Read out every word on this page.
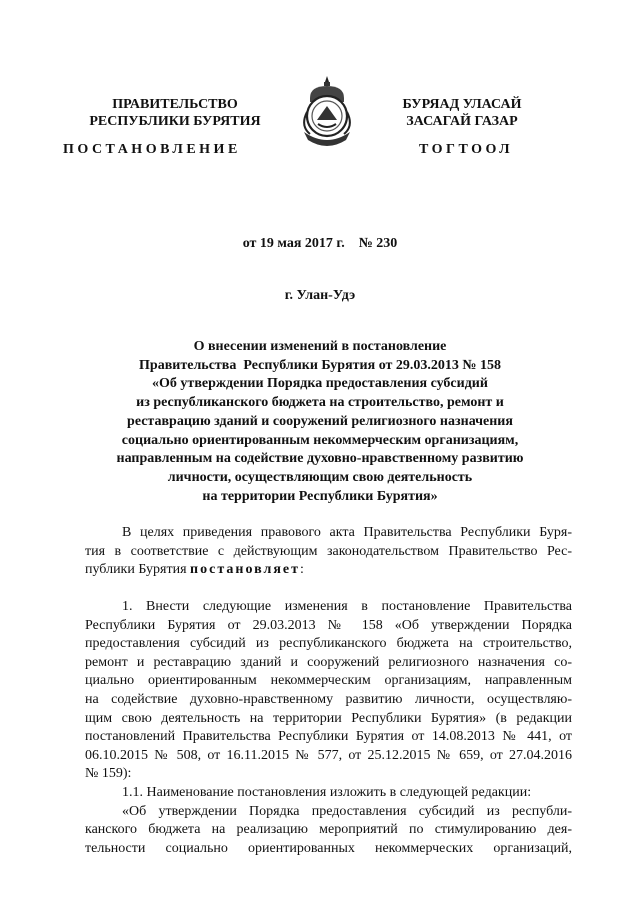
ПРАВИТЕЛЬСТВО
РЕСПУБЛИКИ БУРЯТИЯ
БУРЯАД УЛАСАЙ
ЗАСАГАЙ ГАЗАР
ПОСТАНОВЛЕНИЕ	ТОГТООЛ
от 19 мая 2017 г.    № 230
г. Улан-Удэ
О внесении изменений в постановление
Правительства  Республики Бурятия от 29.03.2013 № 158
«Об утверждении Порядка предоставления субсидий
из республиканского бюджета на строительство, ремонт и
реставрацию зданий и сооружений религиозного назначения
социально ориентированным некоммерческим организациям,
направленным на содействие духовно-нравственному развитию
личности, осуществляющим свою деятельность
на территории Республики Бурятия»
В целях приведения правового акта Правительства Республики Буря-
тия в соответствие с действующим законодательством Правительство Рес-
публики Бурятия постановляет:
1. Внести следующие изменения в постановление Правительства
Республики Бурятия от 29.03.2013 № 158 «Об утверждении Порядка
предоставления субсидий из республиканского бюджета на строительство,
ремонт и реставрацию зданий и сооружений религиозного назначения со-
циально ориентированным некоммерческим организациям, направленным
на содействие духовно-нравственному развитию личности, осуществляю-
щим свою деятельность на территории Республики Бурятия» (в редакции
постановлений Правительства Республики Бурятия от 14.08.2013 № 441, от
06.10.2015 № 508, от 16.11.2015 № 577, от 25.12.2015 № 659, от 27.04.2016
№ 159):
1.1. Наименование постановления изложить в следующей редакции:
«Об утверждении Порядка предоставления субсидий из республи-
канского бюджета на реализацию мероприятий по стимулированию дея-
тельности социально ориентированных некоммерческих организаций,
